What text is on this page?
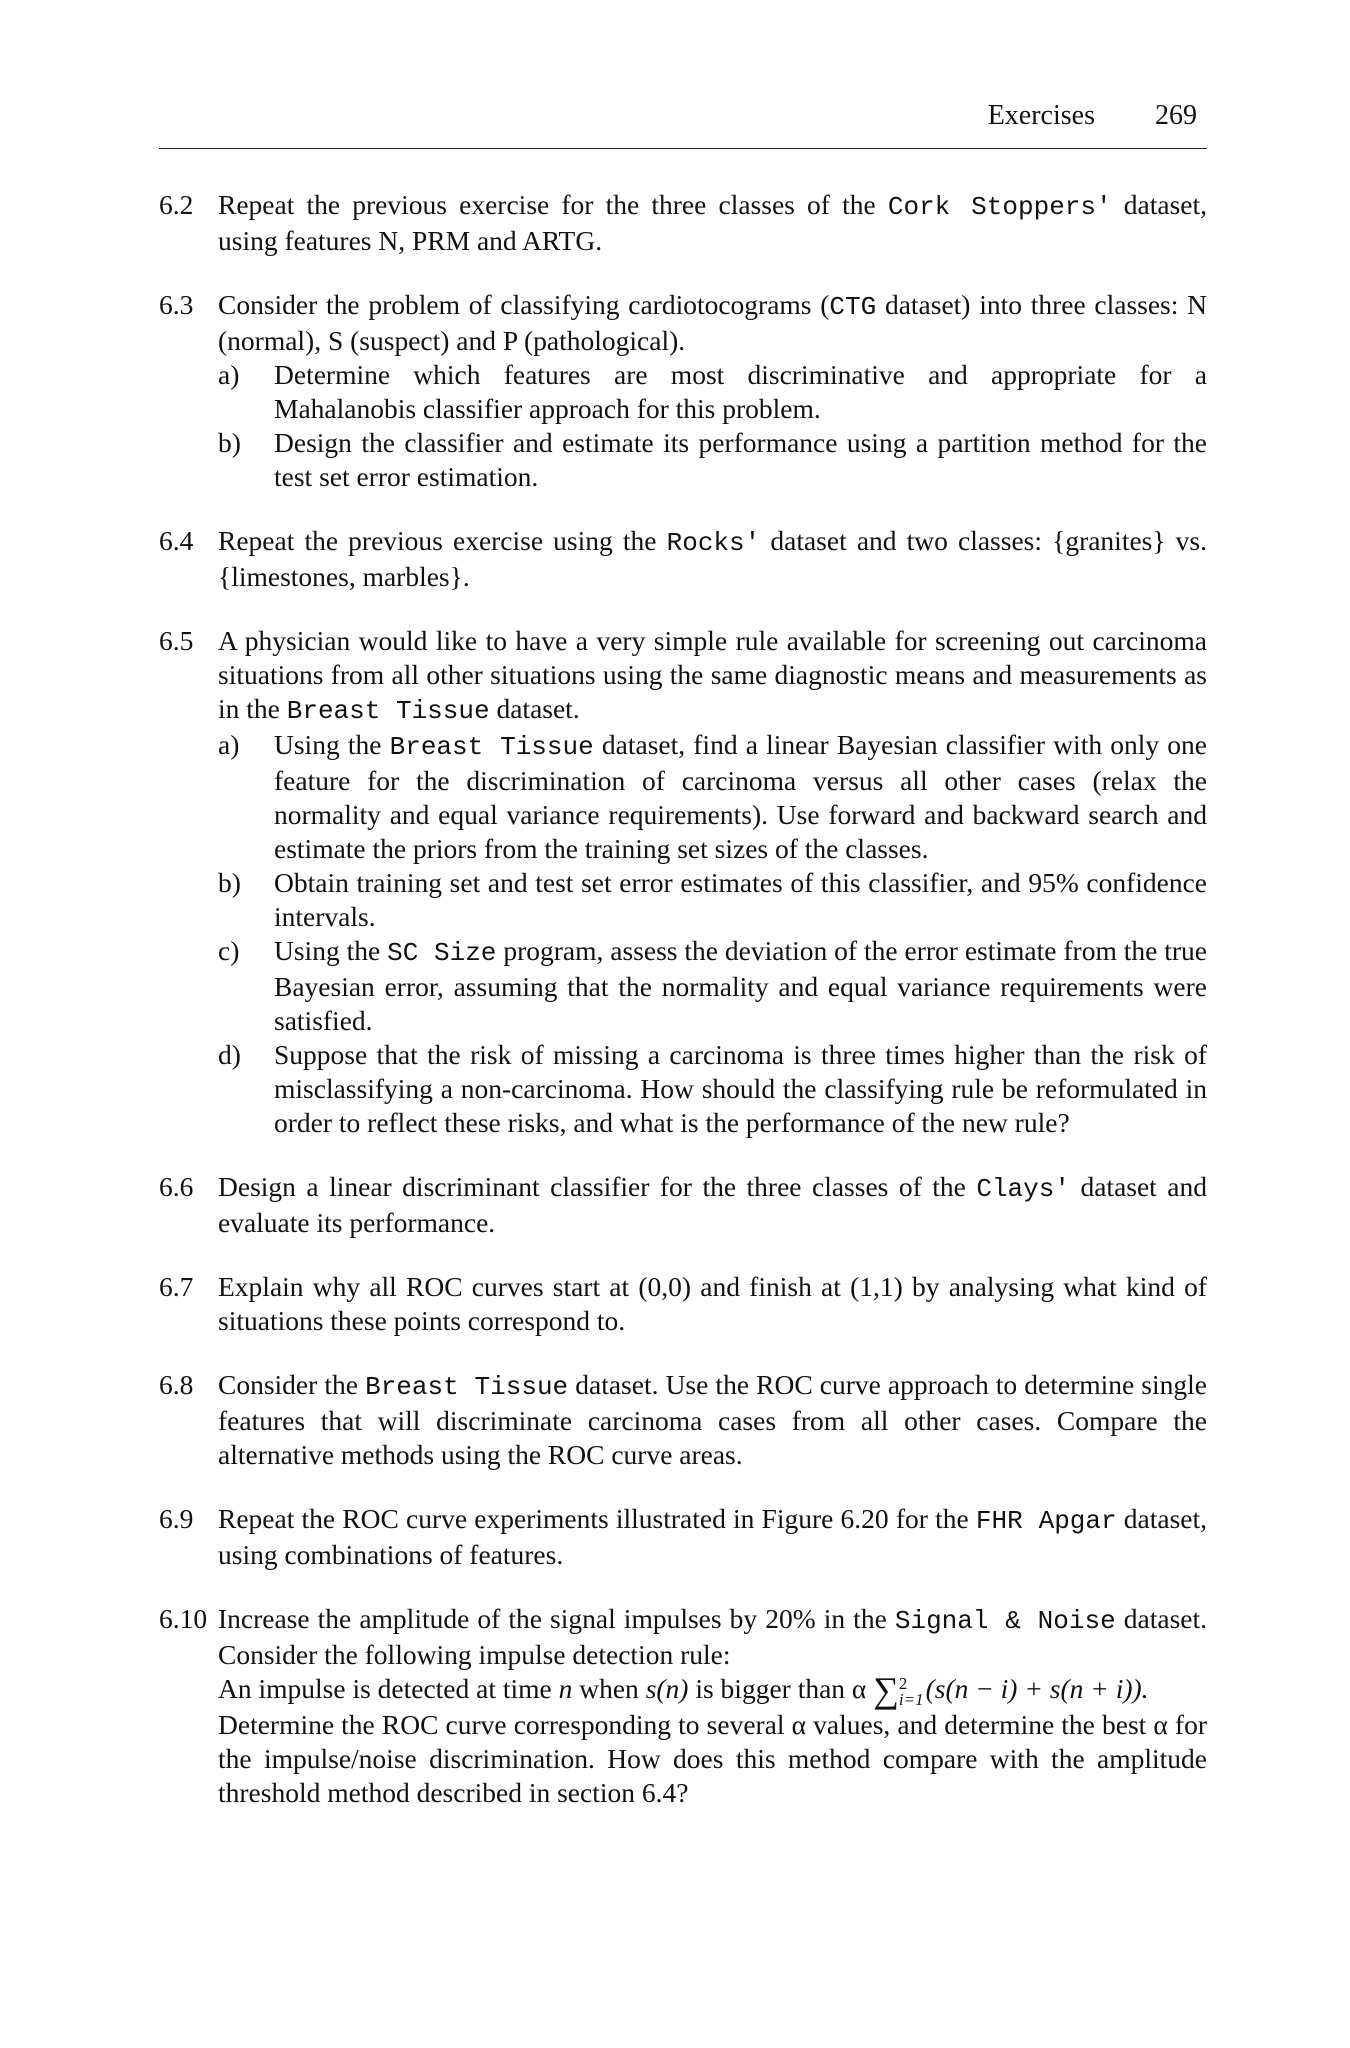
Exercises 269
6.2 Repeat the previous exercise for the three classes of the Cork Stoppers' dataset, using features N, PRM and ARTG.

6.3 Consider the problem of classifying cardiotocograms (CTG dataset) into three classes: N (normal), S (suspect) and P (pathological).

a) Determine which features are most discriminative and appropriate for a Mahalanobis classifier approach for this problem.
b) Design the classifier and estimate its performance using a partition method for the test set error estimation.
6.4 Repeat the previous exercise using the Rocks' dataset and two classes: {granites} vs. {limestones, marbles}.

6.5 A physician would like to have a very simple rule available for screening out carcinoma situations from all other situations using the same diagnostic means and measurements as in the Breast Tissue dataset.

a) Using the Breast Tissue dataset, find a linear Bayesian classifier with only one feature for the discrimination of carcinoma versus all other cases (relax the normality and equal variance requirements). Use forward and backward search and estimate the priors from the training set sizes of the classes.
b) Obtain training set and test set error estimates of this classifier, and 95% confidence intervals.
c) Using the SC Size program, assess the deviation of the error estimate from the true Bayesian error, assuming that the normality and equal variance requirements were satisfied.
d) Suppose that the risk of missing a carcinoma is three times higher than the risk of misclassifying a non-carcinoma. How should the classifying rule be reformulated in order to reflect these risks, and what is the performance of the new rule?
6.6 Design a linear discriminant classifier for the three classes of the Clays' dataset and evaluate its performance.

6.7 Explain why all ROC curves start at (0,0) and finish at (1,1) by analysing what kind of situations these points correspond to.

6.8 Consider the Breast Tissue dataset. Use the ROC curve approach to determine single features that will discriminate carcinoma cases from all other cases. Compare the alternative methods using the ROC curve areas.

6.9 Repeat the ROC curve experiments illustrated in Figure 6.20 for the FHR Apgar dataset, using combinations of features.

6.10 Increase the amplitude of the signal impulses by 20% in the Signal & Noise dataset. Consider the following impulse detection rule:

An impulse is detected at time n when s(n) is bigger than α ∑2
i=1(s(n − i) + s(n + i)).

Determine the ROC curve corresponding to several α values, and determine the best α for the impulse/noise discrimination. How does this method compare with the amplitude threshold method described in section 6.4?
